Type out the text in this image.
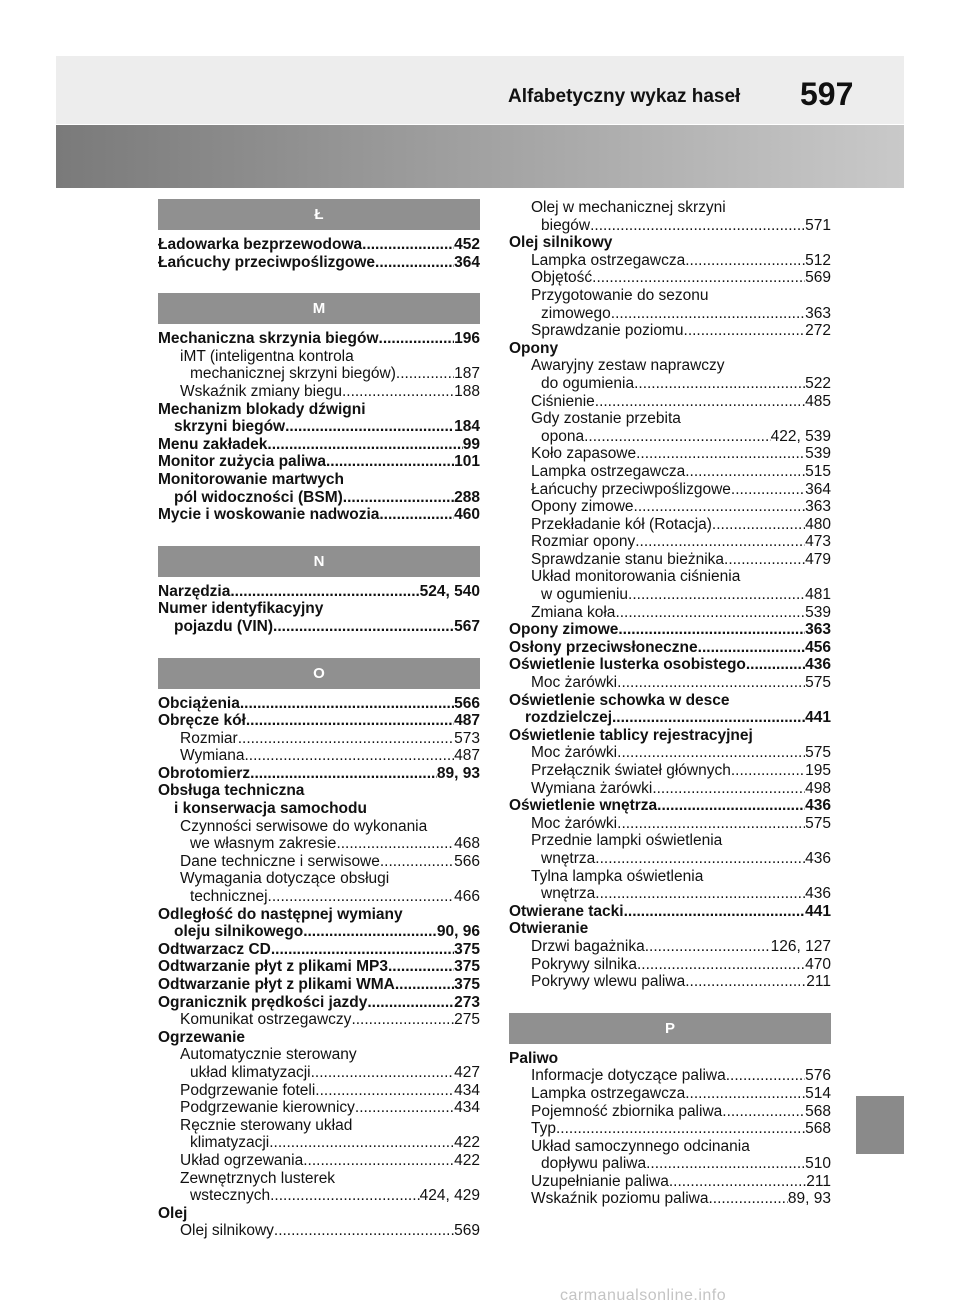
Alfabetyczny wykaz haseł 597
Ł
Ładowarka bezprzewodowa .....	452
Łańcuchy przeciwpoślizgowe .....	364
M
Mechaniczna skrzynia biegów .....	196
iMT (inteligentna kontrola
mechanicznej skrzyni biegów) .....	187
Wskaźnik zmiany biegu .....	188
Mechanizm blokady dźwigni
skrzyni biegów .....	184
Menu zakładek .....	99
Monitor zużycia paliwa .....	101
Monitorowanie martwych
pól widoczności (BSM) .....	288
Mycie i woskowanie nadwozia .....	460
N
Narzędzia .....	524, 540
Numer identyfikacyjny
pojazdu (VIN) .....	567
O
Obciążenia .....	566
Obręcze kół .....	487
Rozmiar .....	573
Wymiana .....	487
Obrotomierz .....	89, 93
Obsługa techniczna
i konserwacja samochodu
Czynności serwisowe do wykonania
we własnym zakresie .....	468
Dane techniczne i serwisowe .....	566
Wymagania dotyczące obsługi
technicznej .....	466
Odległość do następnej wymiany
oleju silnikowego .....	90, 96
Odtwarzacz CD .....	375
Odtwarzanie płyt z plikami MP3 .....	375
Odtwarzanie płyt z plikami WMA .....	375
Ogranicznik prędkości jazdy .....	273
Komunikat ostrzegawczy .....	275
Ogrzewanie
Automatycznie sterowany
układ klimatyzacji .....	427
Podgrzewanie foteli .....	434
Podgrzewanie kierownicy .....	434
Ręcznie sterowany układ
klimatyzacji .....	422
Układ ogrzewania .....	422
Zewnętrznych lusterek
wstecznych .....	424, 429
Olej
Olej silnikowy .....	569
Olej w mechanicznej skrzyni
biegów .....	571
Olej silnikowy
Lampka ostrzegawcza .....	512
Objętość .....	569
Przygotowanie do sezonu
zimowego .....	363
Sprawdzanie poziomu .....	272
Opony
Awaryjny zestaw naprawczy
do ogumienia .....	522
Ciśnienie .....	485
Gdy zostanie przebita
opona .....	422, 539
Koło zapasowe .....	539
Lampka ostrzegawcza .....	515
Łańcuchy przeciwpoślizgowe .....	364
Opony zimowe .....	363
Przekładanie kół (Rotacja) .....	480
Rozmiar opony .....	473
Sprawdzanie stanu bieżnika .....	479
Układ monitorowania ciśnienia
w ogumieniu .....	481
Zmiana koła .....	539
Opony zimowe .....	363
Osłony przeciwsłoneczne .....	456
Oświetlenie lusterka osobistego .....	436
Moc żarówki .....	575
Oświetlenie schowka w desce
rozdzielczej .....	441
Oświetlenie tablicy rejestracyjnej
Moc żarówki .....	575
Przełącznik świateł głównych .....	195
Wymiana żarówki .....	498
Oświetlenie wnętrza .....	436
Moc żarówki .....	575
Przednie lampki oświetlenia
wnętrza .....	436
Tylna lampka oświetlenia
wnętrza .....	436
Otwierane tacki .....	441
Otwieranie
Drzwi bagażnika .....	126, 127
Pokrywy silnika .....	470
Pokrywy wlewu paliwa .....	211
P
Paliwo
Informacje dotyczące paliwa .....	576
Lampka ostrzegawcza .....	514
Pojemność zbiornika paliwa .....	568
Typ .....	568
Układ samoczynnego odcinania
dopływu paliwa .....	510
Uzupełnianie paliwa .....	211
Wskaźnik poziomu paliwa .....	89, 93
carmanualsonline.info
